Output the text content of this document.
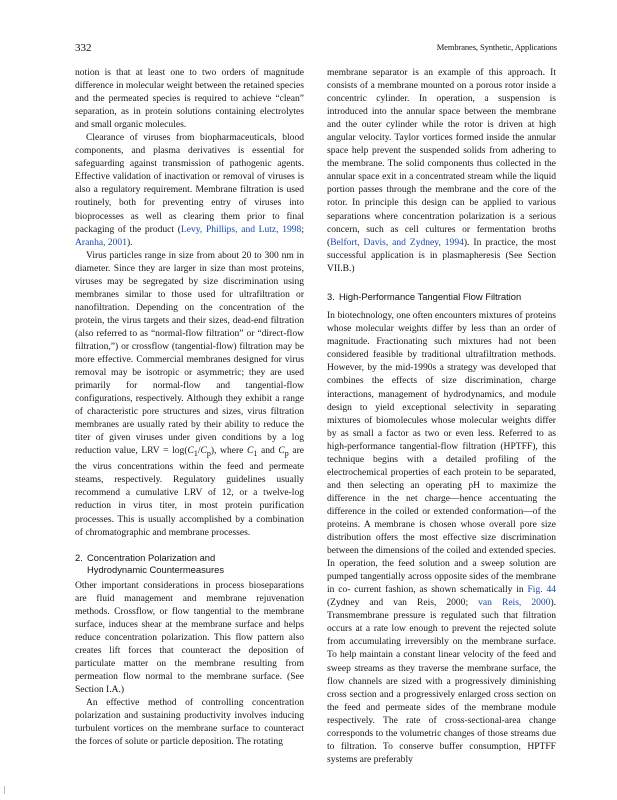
332	Membranes, Synthetic, Applications

notion is that at least one to two orders of magnitude difference in molecular weight between the retained species and the permeated species is required to achieve “clean” separation, as in protein solutions containing electrolytes and small organic molecules.

Clearance of viruses from biopharmaceuticals, blood components, and plasma derivatives is essential for safeguarding against transmission of pathogenic agents. Effective validation of inactivation or removal of viruses is also a regulatory requirement. Membrane filtration is used routinely, both for preventing entry of viruses into bioprocesses as well as clearing them prior to final packaging of the product (Levy, Phillips, and Lutz, 1998; Aranha, 2001).

Virus particles range in size from about 20 to 300 nm in diameter. Since they are larger in size than most proteins, viruses may be segregated by size discrimination using membranes similar to those used for ultrafiltration or nanofiltration. Depending on the concentration of the protein, the virus targets and their sizes, dead-end filtration (also referred to as “normal-flow filtration” or “direct-flow filtration,”) or crossflow (tangential-flow) filtration may be more effective. Commercial membranes designed for virus removal may be isotropic or asymmetric; they are used primarily for normal-flow and tangential-flow configurations, respectively. Although they exhibit a range of characteristic pore structures and sizes, virus filtration membranes are usually rated by their ability to reduce the titer of given viruses under given conditions by a log reduction value, LRV = $\log(C_1/C_p)$, where $C_1$ and $C_p$ are the virus concentrations within the feed and permeate steams, respectively. Regulatory guidelines usually recommend a cumulative LRV of 12, or a twelve-log reduction in virus titer, in most protein purification processes. This is usually accomplished by a combination of chromatographic and membrane processes.

2. Concentration Polarization and
Hydrodynamic Countermeasures

Other important considerations in process bioseparations are fluid management and membrane rejuvenation methods. Crossflow, or flow tangential to the membrane surface, induces shear at the membrane surface and helps reduce concentration polarization. This flow pattern also creates lift forces that counteract the deposition of particulate matter on the membrane resulting from permeation flow normal to the membrane surface. (See Section I.A.)

An effective method of controlling concentration polarization and sustaining productivity involves inducing turbulent vortices on the membrane surface to counteract the forces of solute or particle deposition. The rotating

membrane separator is an example of this approach. It consists of a membrane mounted on a porous rotor inside a concentric cylinder. In operation, a suspension is introduced into the annular space between the membrane and the outer cylinder while the rotor is driven at high angular velocity. Taylor vortices formed inside the annular space help prevent the suspended solids from adhering to the membrane. The solid components thus collected in the annular space exit in a concentrated stream while the liquid portion passes through the membrane and the core of the rotor. In principle this design can be applied to various separations where concentration polarization is a serious concern, such as cell cultures or fermentation broths (Belfort, Davis, and Zydney, 1994). In practice, the most successful application is in plasmapheresis (See Section VII.B.)

3. High-Performance Tangential Flow Filtration

In biotechnology, one often encounters mixtures of proteins whose molecular weights differ by less than an order of magnitude. Fractionating such mixtures had not been considered feasible by traditional ultrafiltration methods. However, by the mid-1990s a strategy was developed that combines the effects of size discrimination, charge interactions, management of hydrodynamics, and module design to yield exceptional selectivity in separating mixtures of biomolecules whose molecular weights differ by as small a factor as two or even less. Referred to as high-performance tangential-flow filtration (HPTFF), this technique begins with a detailed profiling of the electrochemical properties of each protein to be separated, and then selecting an operating pH to maximize the difference in the net charge—hence accentuating the difference in the coiled or extended conformation—of the proteins. A membrane is chosen whose overall pore size distribution offers the most effective size discrimination between the dimensions of the coiled and extended species. In operation, the feed solution and a sweep solution are pumped tangentially across opposite sides of the membrane in co- current fashion, as shown schematically in Fig. 44 (Zydney and van Reis, 2000; van Reis, 2000). Transmembrane pressure is regulated such that filtration occurs at a rate low enough to prevent the rejected solute from accumulating irreversibly on the membrane surface. To help maintain a constant linear velocity of the feed and sweep streams as they traverse the membrane surface, the flow channels are sized with a progressively diminishing cross section and a progressively enlarged cross section on the feed and permeate sides of the membrane module respectively. The rate of cross-sectional-area change corresponds to the volumetric changes of those streams due to filtration. To conserve buffer consumption, HPTFF systems are preferably
